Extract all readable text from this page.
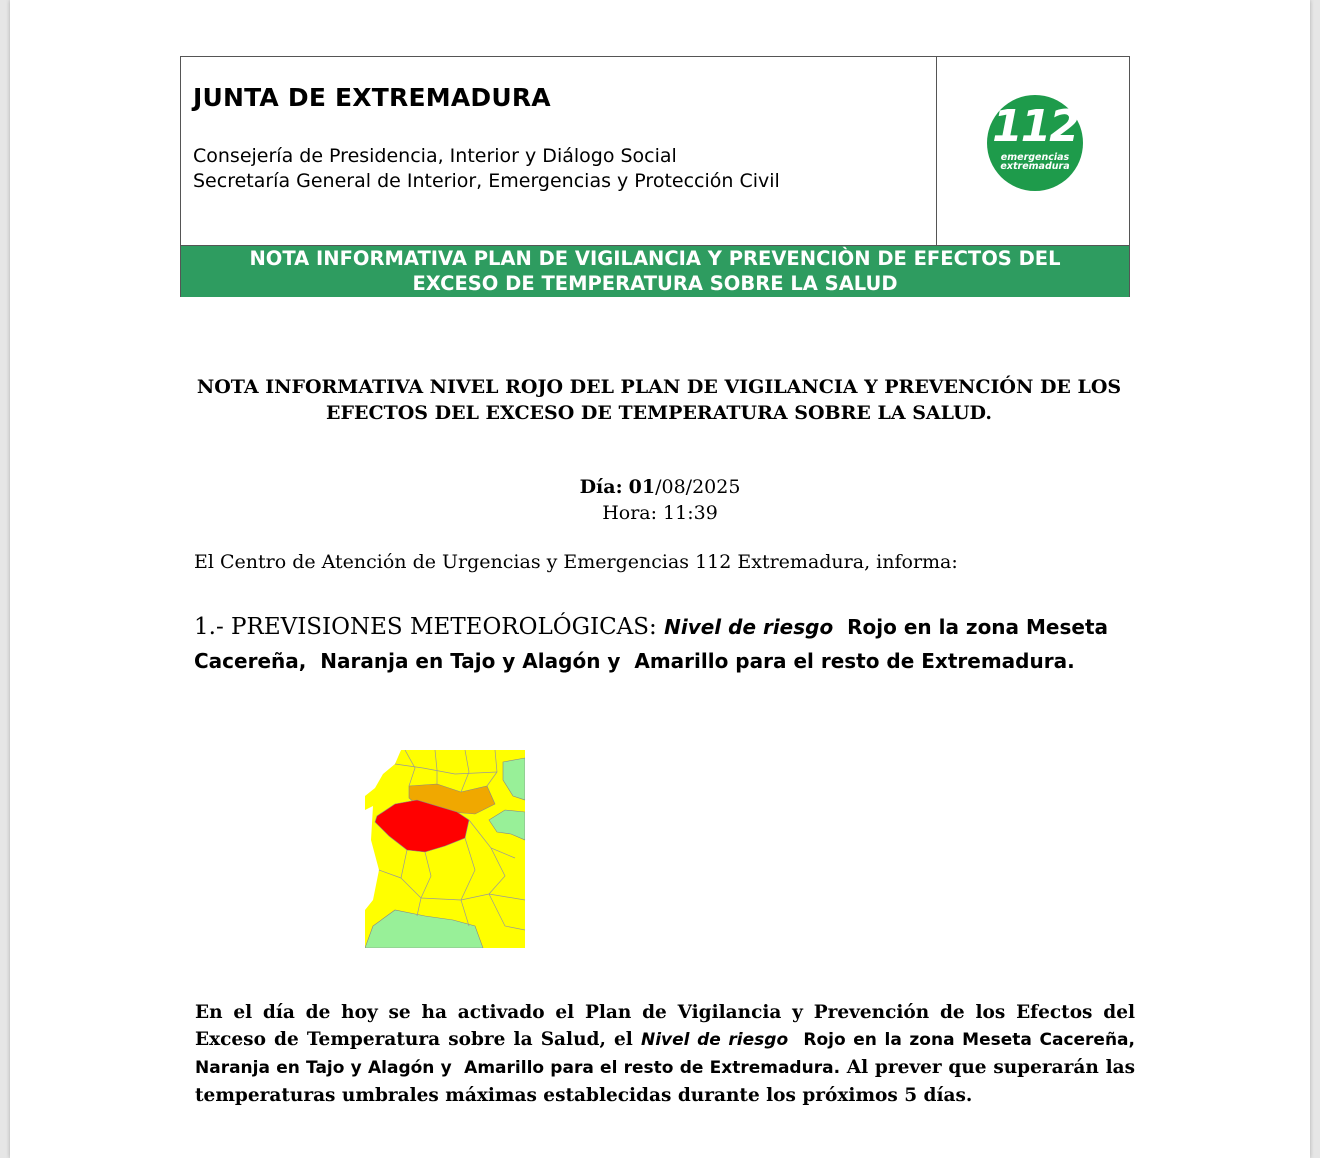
JUNTA DE EXTREMADURA
Consejería de Presidencia, Interior y Diálogo Social
Secretaría General de Interior, Emergencias y Protección Civil
112
emergencias
extremadura
NOTA INFORMATIVA PLAN DE VIGILANCIA Y PREVENCIÒN DE EFECTOS DEL
EXCESO DE TEMPERATURA SOBRE LA SALUD
NOTA INFORMATIVA NIVEL ROJO DEL PLAN DE VIGILANCIA Y PREVENCIÓN DE LOS
EFECTOS DEL EXCESO DE TEMPERATURA SOBRE LA SALUD.
Día: 01/08/2025
Hora: 11:39
El Centro de Atención de Urgencias y Emergencias 112 Extremadura, informa:
1.- PREVISIONES METEOROLÓGICAS: Nivel de riesgo  Rojo en la zona Meseta
Cacereña,  Naranja en Tajo y Alagón y  Amarillo para el resto de Extremadura.
En el día de hoy se ha activado el Plan de Vigilancia y Prevención de los Efectos del Exceso de Temperatura sobre la Salud, el Nivel de riesgo  Rojo en la zona Meseta Cacereña,  Naranja en Tajo y Alagón y  Amarillo para el resto de Extremadura. Al prever que superarán las temperaturas umbrales máximas establecidas durante los próximos 5 días.
